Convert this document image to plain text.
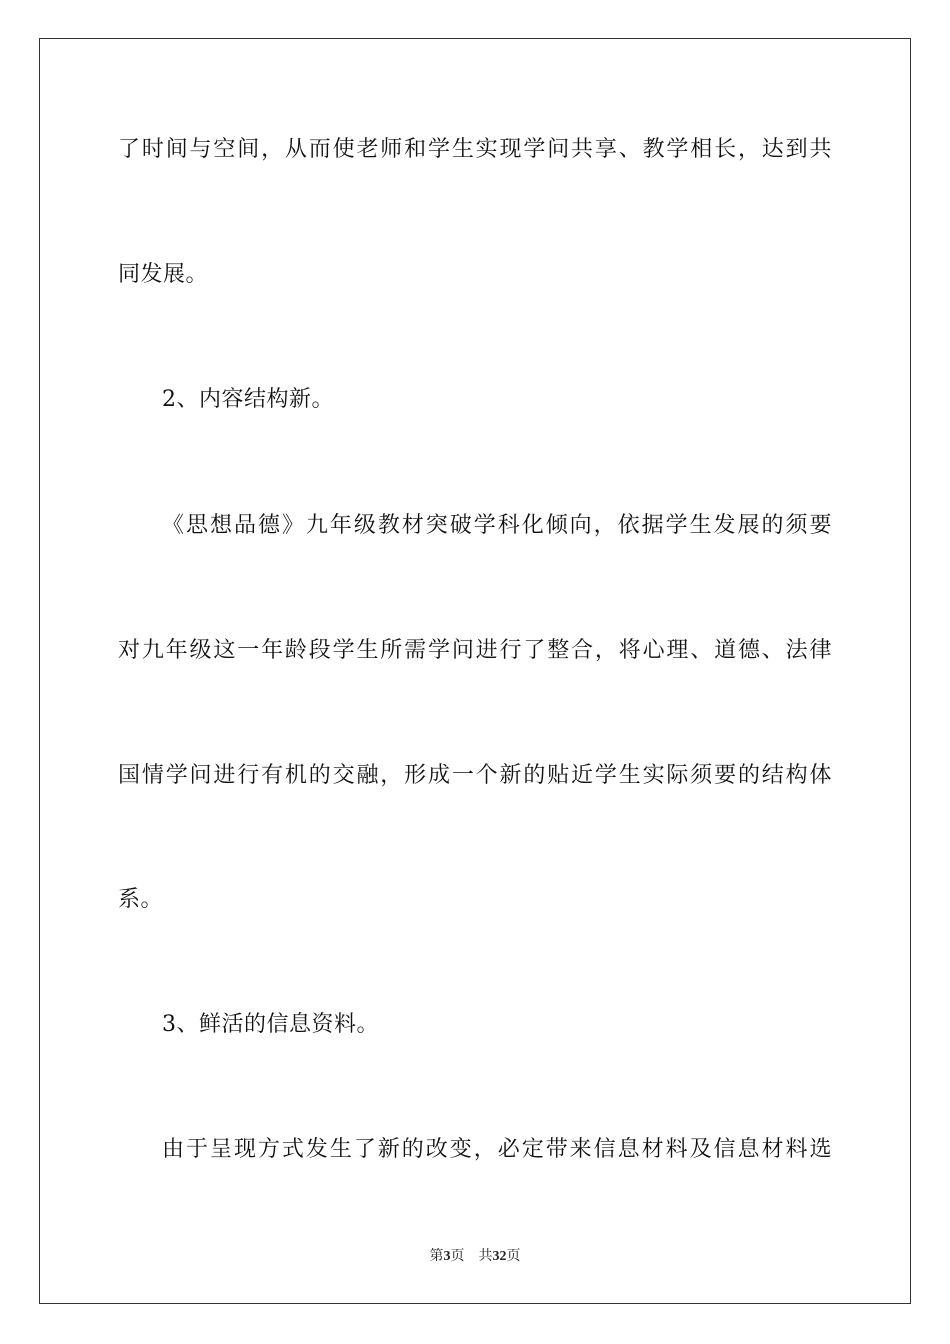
了时间与空间，从而使老师和学生实现学问共享、教学相长，达到共
同发展。
2、内容结构新。
《思想品德》九年级教材突破学科化倾向，依据学生发展的须要
对九年级这一年龄段学生所需学问进行了整合，将心理、道德、法律
国情学问进行有机的交融，形成一个新的贴近学生实际须要的结构体
系。
3、鲜活的信息资料。
由于呈现方式发生了新的改变，必定带来信息材料及信息材料选
第3页 共32页
